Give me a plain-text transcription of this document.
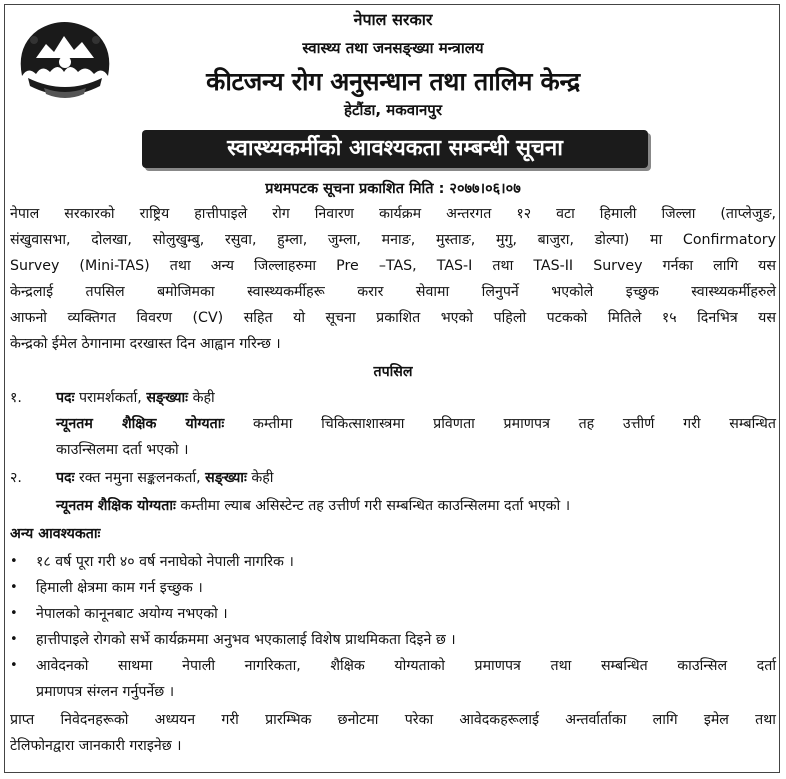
नेपाल सरकार
स्वास्थ्य तथा जनसङ्ख्या मन्त्रालय
कीटजन्य रोग अनुसन्धान तथा तालिम केन्द्र
हेटौंडा, मकवानपुर
स्वास्थ्यकर्मीको आवश्यकता सम्बन्धी सूचना
प्रथमपटक सूचना प्रकाशित मिति : २०७७।०६।०७
नेपाल सरकारको राष्ट्रिय हात्तीपाइले रोग निवारण कार्यक्रम अन्तरगत १२ वटा हिमाली जिल्ला (ताप्लेजुङ,
संखुवासभा, दोलखा, सोलुखुम्बु, रसुवा, हुम्ला, जुम्ला, मनाङ, मुस्ताङ, मुगु, बाजुरा, डोल्पा) मा Confirmatory
Survey (Mini-TAS) तथा अन्य जिल्लाहरुमा Pre –TAS, TAS-I तथा TAS-II Survey गर्नका लागि यस
केन्द्रलाई तपसिल बमोजिमका स्वास्थ्यकर्मीहरू करार सेवामा लिनुपर्ने भएकोले इच्छुक स्वास्थ्यकर्मीहरुले
आफनो व्यक्तिगत विवरण (CV) सहित यो सूचना प्रकाशित भएको पहिलो पटकको मितिले १५ दिनभित्र यस
केन्द्रको ईमेल ठेगानामा दरखास्त दिन आह्वान गरिन्छ ।
तपसिल
१. पदः परामर्शकर्ता, सङ्ख्याः केही
न्यूनतम शैक्षिक योग्यताः कम्तीमा चिकित्साशास्त्रमा प्रविणता प्रमाणपत्र तह उत्तीर्ण गरी सम्बन्धित
काउन्सिलमा दर्ता भएको ।
२. पदः रक्त नमुना सङ्कलनकर्ता, सङ्ख्याः केही
न्यूनतम शैक्षिक योग्यताः कम्तीमा ल्याब असिस्टेन्ट तह उत्तीर्ण गरी सम्बन्धित काउन्सिलमा दर्ता भएको ।
अन्य आवश्यकताः
• १८ वर्ष पूरा गरी ४० वर्ष ननाघेको नेपाली नागरिक ।
• हिमाली क्षेत्रमा काम गर्न इच्छुक ।
• नेपालको कानूनबाट अयोग्य नभएको ।
• हात्तीपाइले रोगको सर्भे कार्यक्रममा अनुभव भएकालाई विशेष प्राथमिकता दिइने छ ।
• आवेदनको साथमा नेपाली नागरिकता, शैक्षिक योग्यताको प्रमाणपत्र तथा सम्बन्धित काउन्सिल दर्ता
प्रमाणपत्र संग्लन गर्नुपर्नेछ ।
प्राप्त निवेदनहरूको अध्ययन गरी प्रारम्भिक छनोटमा परेका आवेदकहरूलाई अन्तर्वार्ताका लागि इमेल तथा
टेलिफोनद्वारा जानकारी गराइनेछ ।
